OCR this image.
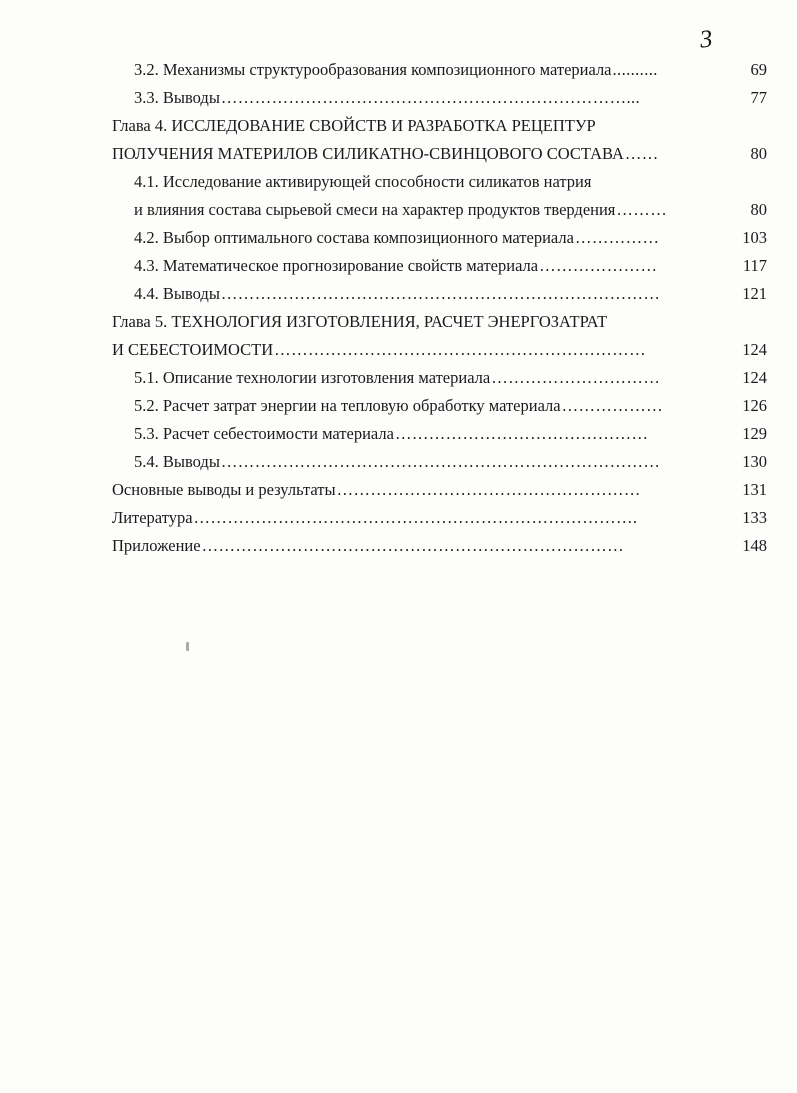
3
3.2. Механизмы структурообразования композиционного материала ..........	69
3.3. Выводы ………………………………………………………………...	77
Глава 4. ИССЛЕДОВАНИЕ СВОЙСТВ И РАЗРАБОТКА РЕЦЕПТУР
ПОЛУЧЕНИЯ МАТЕРИЛОВ СИЛИКАТНО-СВИНЦОВОГО СОСТАВА ……	80
4.1. Исследование активирующей способности силикатов натрия
и влияния состава сырьевой смеси на характер продуктов твердения ………	80
4.2. Выбор оптимального состава композиционного материала ……………	103
4.3. Математическое прогнозирование свойств материала …………………	117
4.4. Выводы ……………………………………………………………………	121
Глава 5. ТЕХНОЛОГИЯ ИЗГОТОВЛЕНИЯ, РАСЧЕТ ЭНЕРГОЗАТРАТ
И СЕБЕСТОИМОСТИ …………………………………………………………	124
5.1. Описание технологии изготовления материала …………………………	124
5.2. Расчет затрат энергии на тепловую обработку материала ………………	126
5.3. Расчет себестоимости материала ………………………………………	129
5.4. Выводы ……………………………………………………………………	130
Основные выводы и результаты ………………………………………………	131
Литература …………………………………………………………………….	133
Приложение …………………………………………………………………	148
